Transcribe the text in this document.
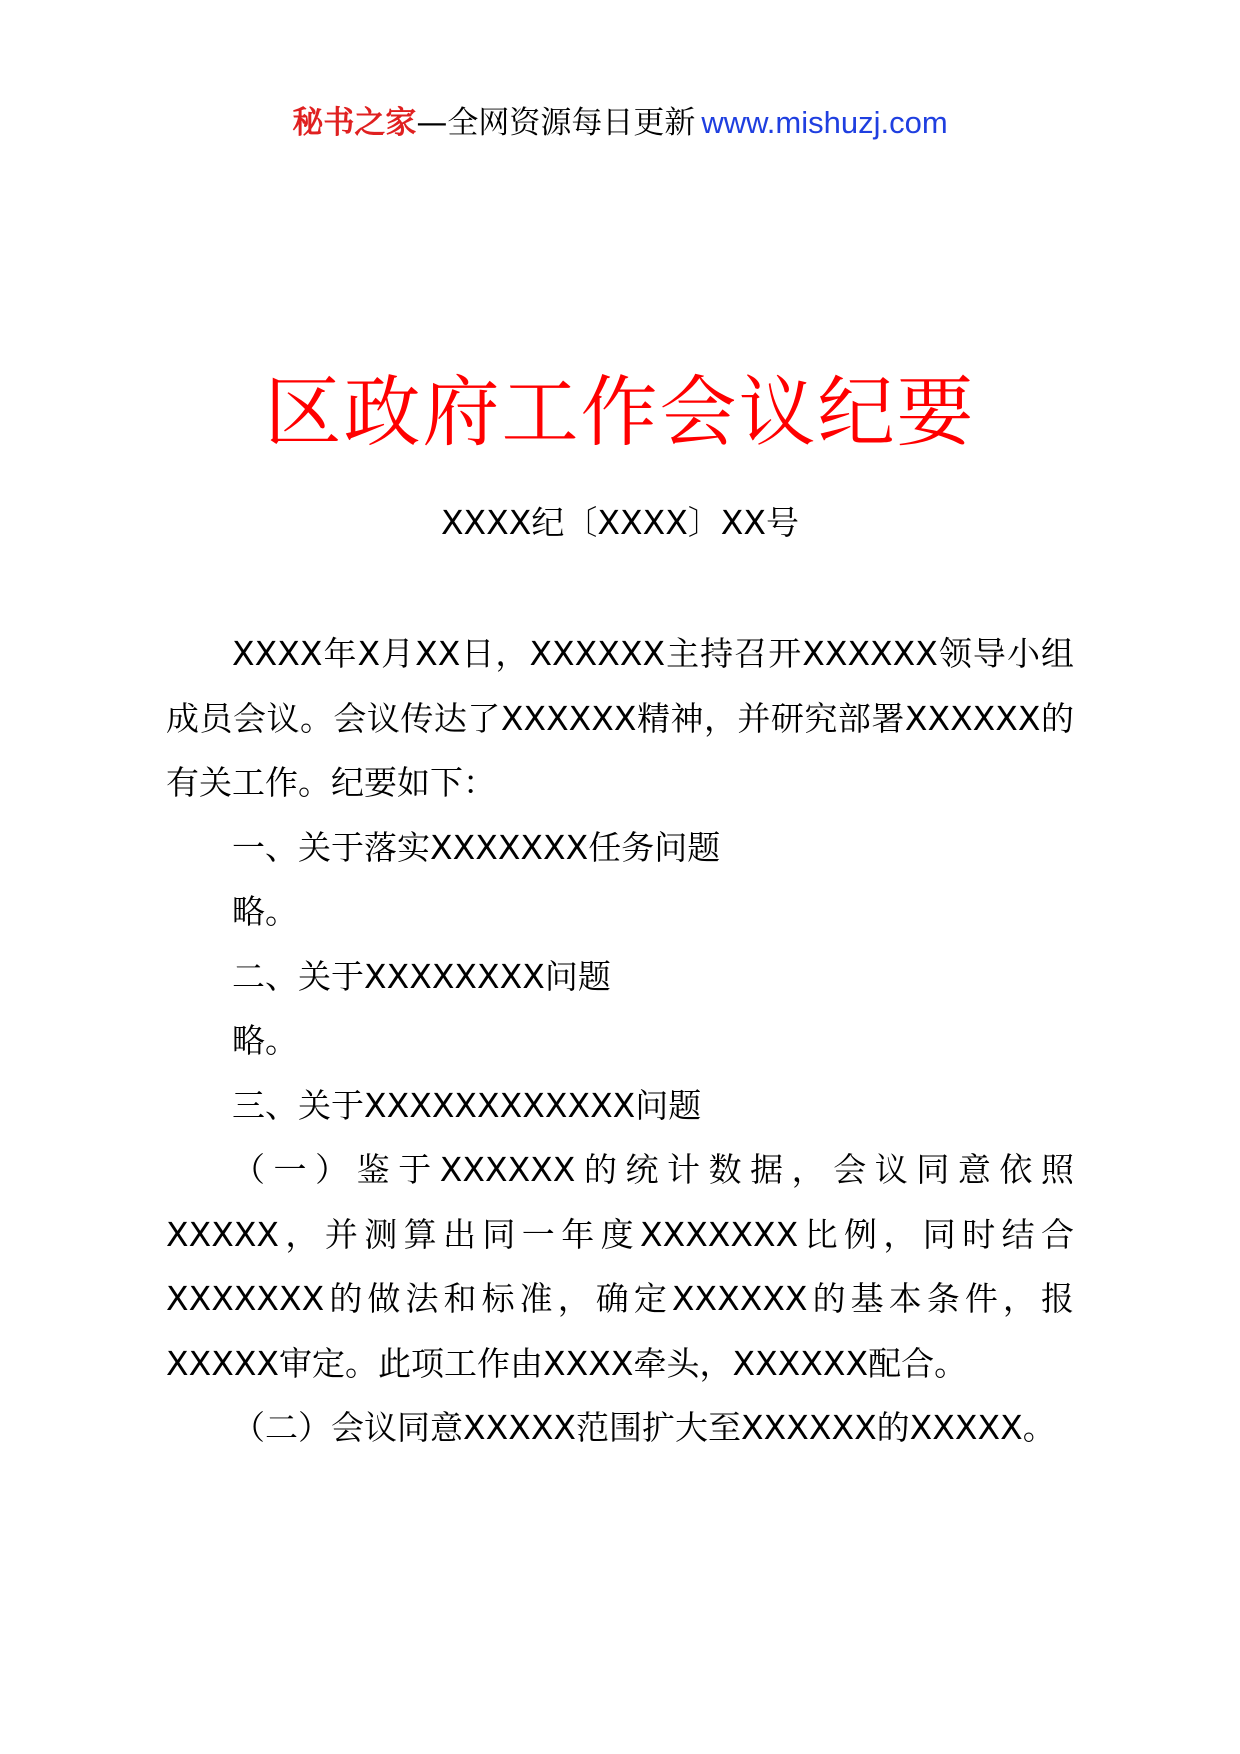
秘书之家—全网资源每日更新 www.mishuzj.com
区政府工作会议纪要
XXXX纪〔XXXX〕XX号

XXXX年X月XX日，XXXXXX主持召开XXXXXX领导小组成员会议。会议传达了XXXXXX精神，并研究部署XXXXXX的有关工作。纪要如下：

一、关于落实XXXXXXX任务问题

略。

二、关于XXXXXXXX问题

略。

三、关于XXXXXXXXXXXX问题

（一）鉴于XXXXXX的统计数据，会议同意依照XXXXX，并测算出同一年度XXXXXXX比例，同时结合XXXXXXX的做法和标准，确定XXXXXX的基本条件，报XXXXX审定。此项工作由XXXX牵头，XXXXXX配合。

（二）会议同意XXXXX范围扩大至XXXXXX的XXXXX。
